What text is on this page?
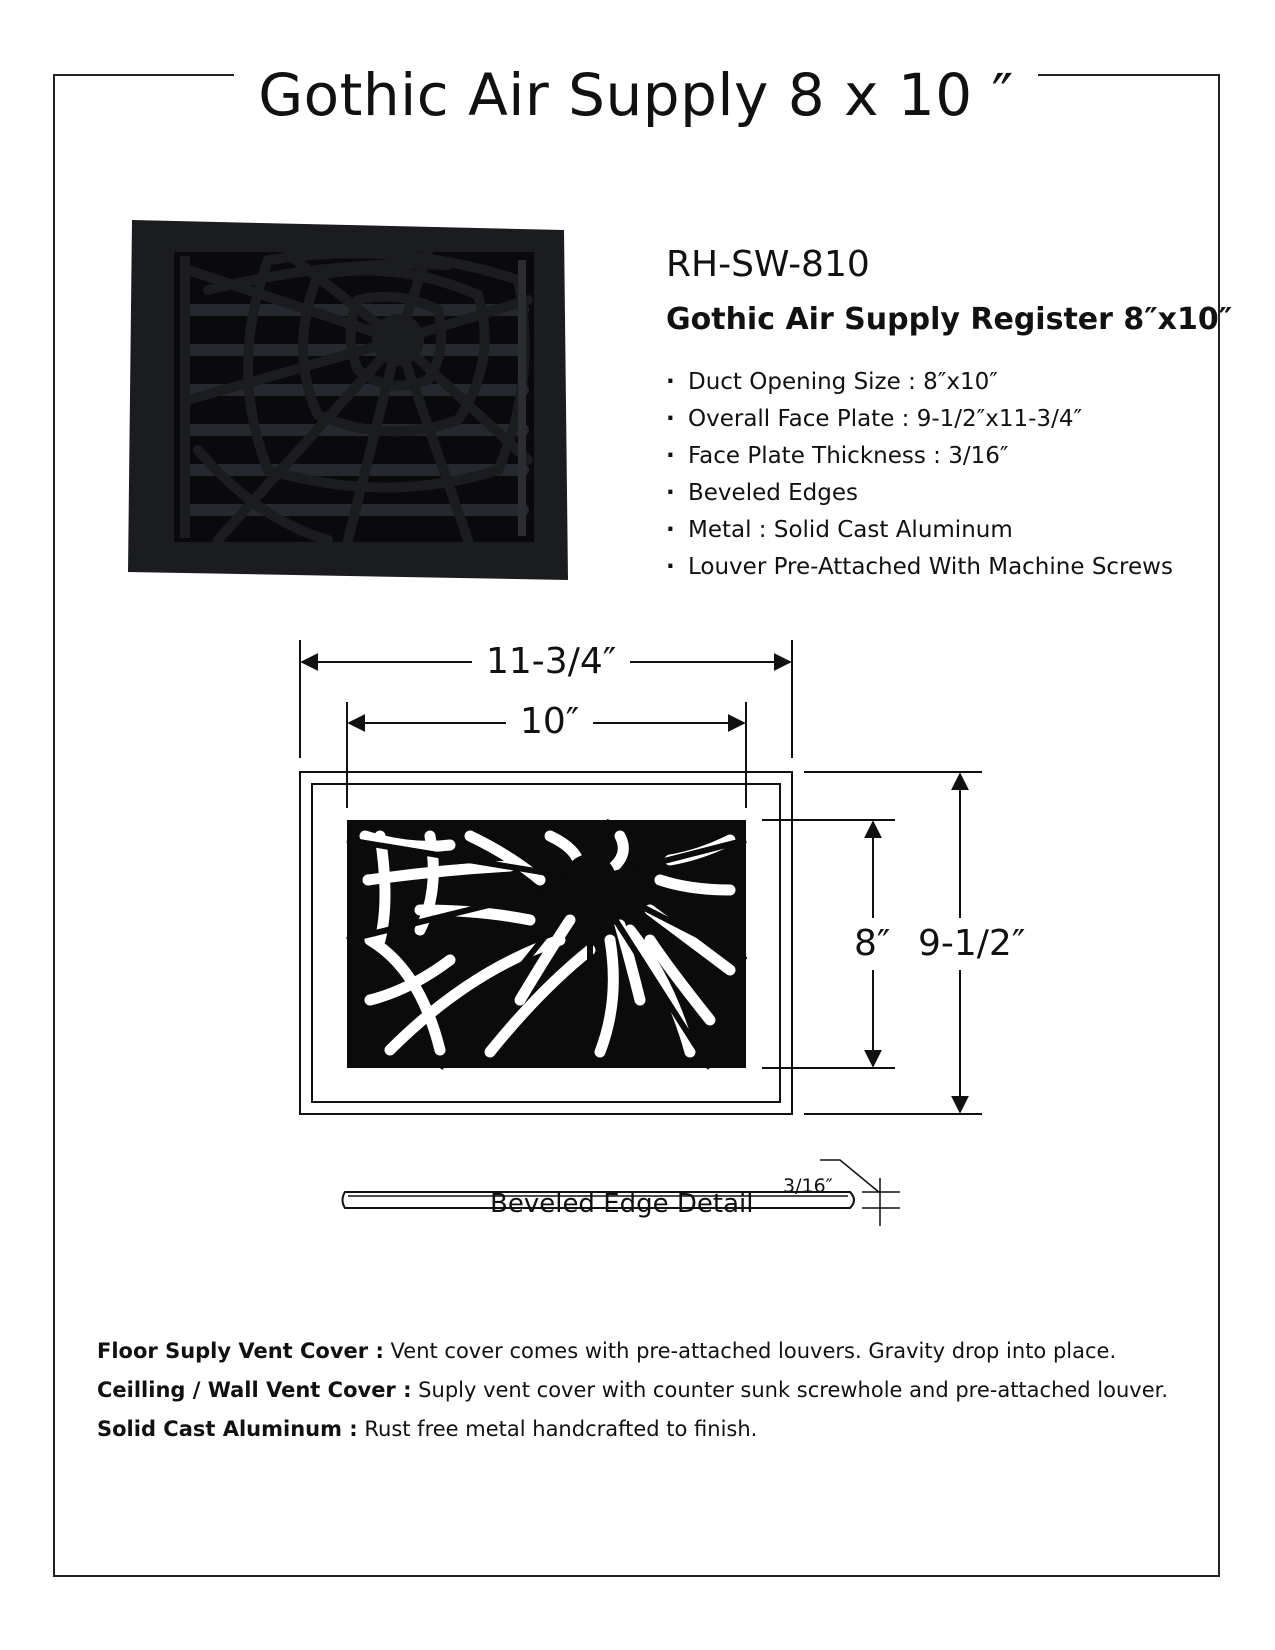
Gothic Air Supply 8 x 10 ″
RH-SW-810
Gothic Air Supply Register 8″x10″
· Duct Opening Size : 8″x10″
· Overall Face Plate : 9-1/2″x11-3/4″
· Face Plate Thickness : 3/16″
· Beveled Edges
· Metal : Solid Cast Aluminum
· Louver Pre-Attached With Machine Screws
11-3/4″
10″
8″ 9-1/2″
3/16″
Beveled Edge Detail

Floor Suply Vent Cover : Vent cover comes with pre-attached louvers. Gravity drop into place.

Ceilling / Wall Vent Cover : Suply vent cover with counter sunk screwhole and pre-attached louver.

Solid Cast Aluminum : Rust free metal handcrafted to finish.
